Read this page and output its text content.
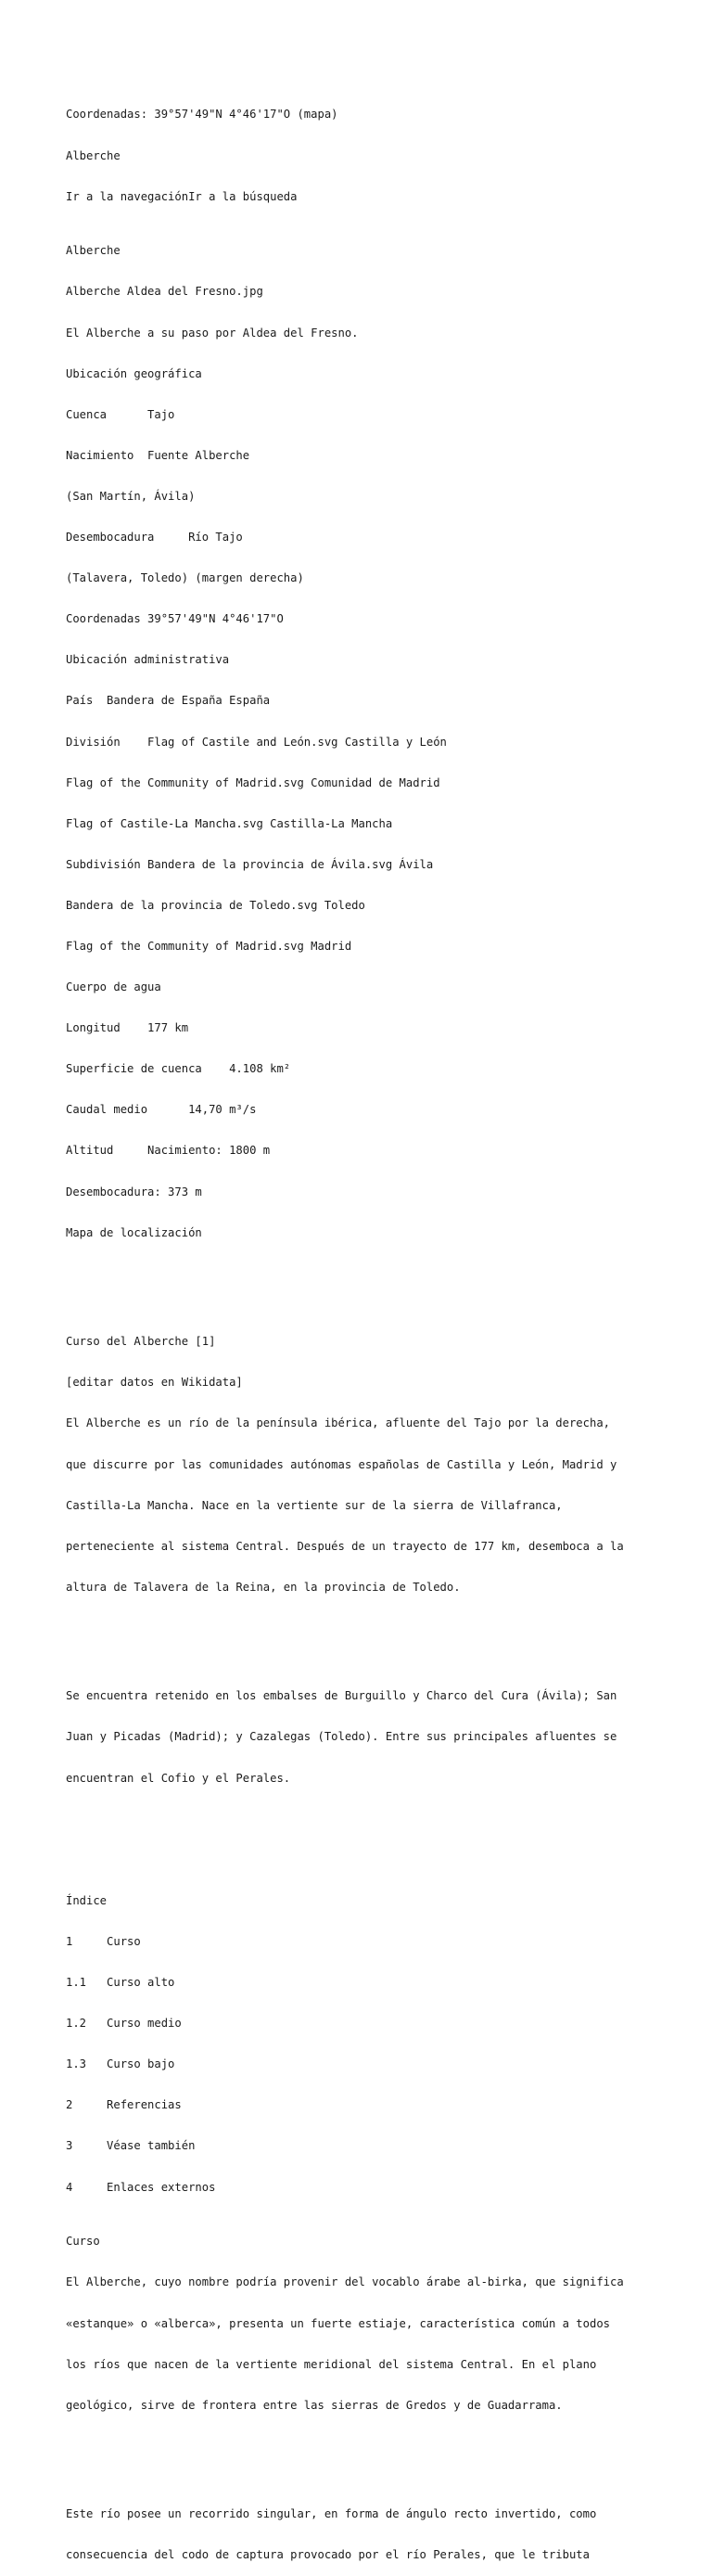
Coordenadas: 39°57'49"N 4°46'17"O (mapa)

Alberche

Ir a la navegaciónIr a la búsqueda

Alberche

Alberche Aldea del Fresno.jpg

El Alberche a su paso por Aldea del Fresno.

Ubicación geográfica

Cuenca      Tajo

Nacimiento  Fuente Alberche

(San Martín, Ávila)

Desembocadura     Río Tajo

(Talavera, Toledo) (margen derecha)

Coordenadas 39°57'49"N 4°46'17"O

Ubicación administrativa

País  Bandera de España España

División    Flag of Castile and León.svg Castilla y León

Flag of the Community of Madrid.svg Comunidad de Madrid

Flag of Castile-La Mancha.svg Castilla-La Mancha

Subdivisión Bandera de la provincia de Ávila.svg Ávila

Bandera de la provincia de Toledo.svg Toledo

Flag of the Community of Madrid.svg Madrid

Cuerpo de agua

Longitud    177 km

Superficie de cuenca    4.108 km²

Caudal medio      14,70 m³/s

Altitud     Nacimiento: 1800 m

Desembocadura: 373 m

Mapa de localización

Curso del Alberche [1]

[editar datos en Wikidata]

El Alberche es un río de la península ibérica, afluente del Tajo por la derecha,

que discurre por las comunidades autónomas españolas de Castilla y León, Madrid y

Castilla-La Mancha. Nace en la vertiente sur de la sierra de Villafranca,

perteneciente al sistema Central. Después de un trayecto de 177 km, desemboca a la

altura de Talavera de la Reina, en la provincia de Toledo.

Se encuentra retenido en los embalses de Burguillo y Charco del Cura (Ávila); San

Juan y Picadas (Madrid); y Cazalegas (Toledo). Entre sus principales afluentes se

encuentran el Cofio y el Perales.

Índice

1     Curso

1.1   Curso alto

1.2   Curso medio

1.3   Curso bajo

2     Referencias

3     Véase también

4     Enlaces externos

Curso

El Alberche, cuyo nombre podría provenir del vocablo árabe al-birka, que significa

«estanque» o «alberca», presenta un fuerte estiaje, característica común a todos

los ríos que nacen de la vertiente meridional del sistema Central. En el plano

geológico, sirve de frontera entre las sierras de Gredos y de Guadarrama.

Este río posee un recorrido singular, en forma de ángulo recto invertido, como

consecuencia del codo de captura provocado por el río Perales, que le tributa
